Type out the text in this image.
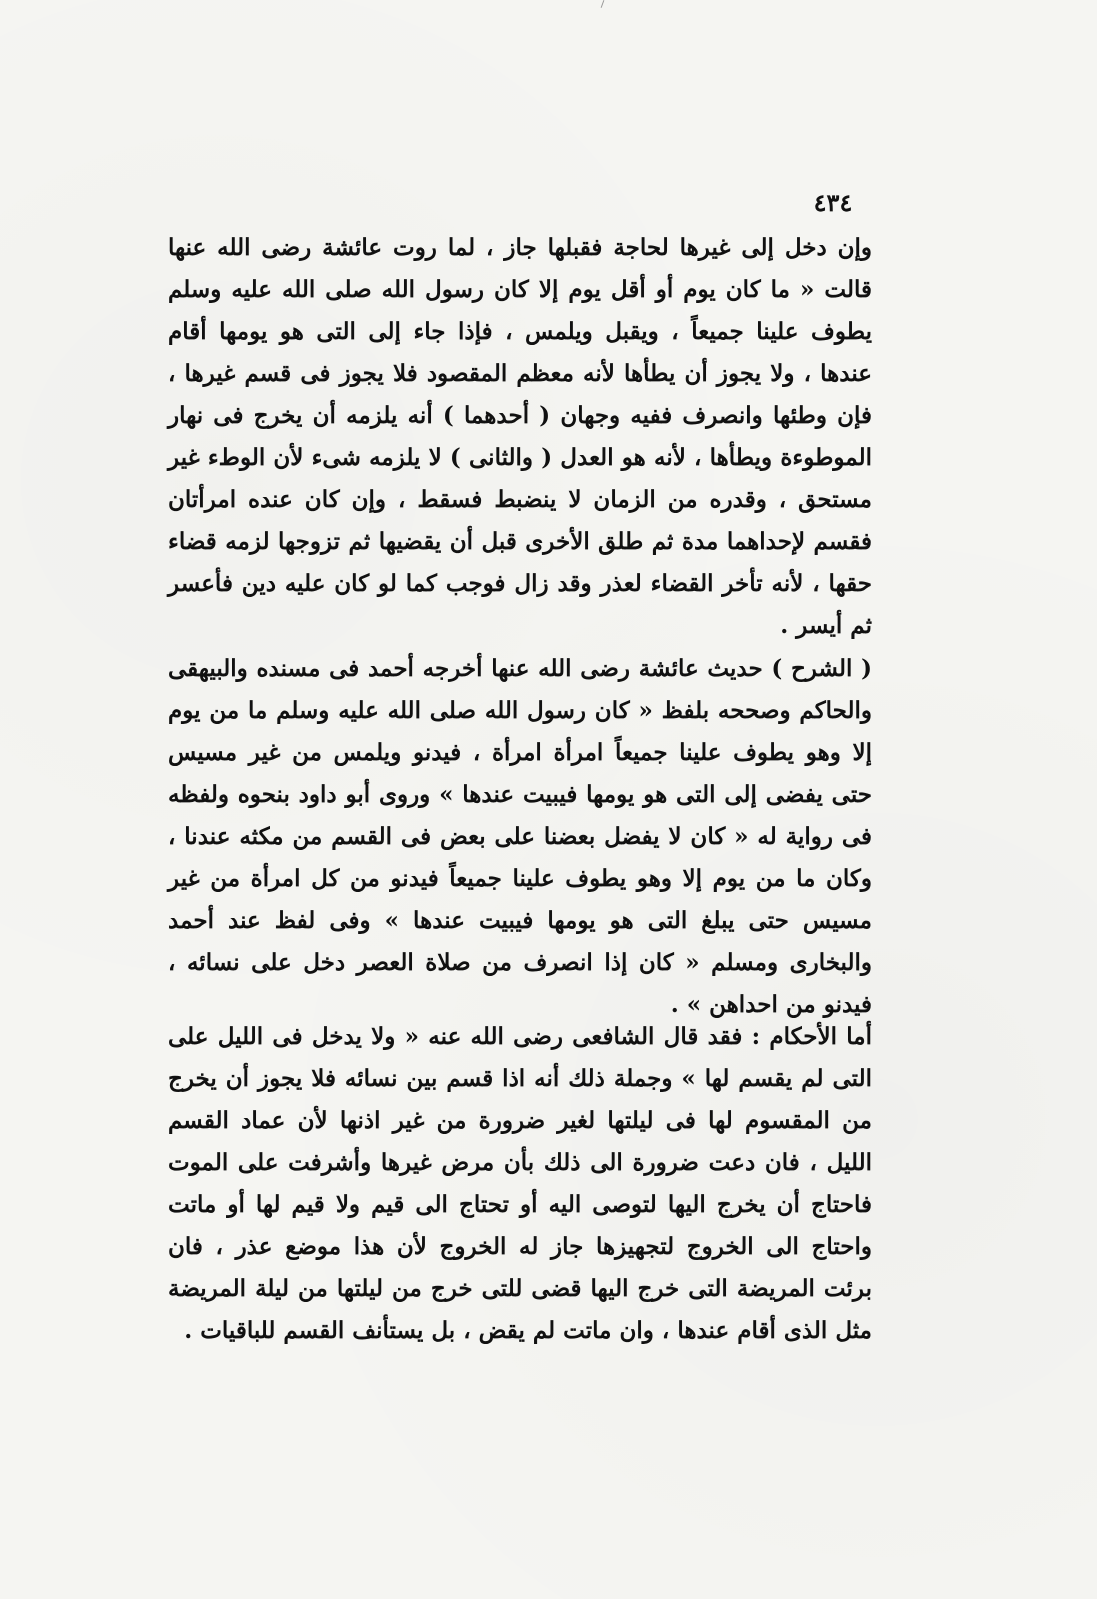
٤٣٤

وإن دخل إلى غيرها لحاجة فقبلها جاز ، لما روت عائشة رضى الله عنها قالت « ما كان يوم أو أقل يوم إلا كان رسول الله صلى الله عليه وسلم يطوف علينا جميعاً ، ويقبل ويلمس ، فإذا جاء إلى التى هو يومها أقام عندها ، ولا يجوز أن يطأها لأنه معظم المقصود فلا يجوز فى قسم غيرها ، فإن وطئها وانصرف ففيه وجهان ( أحدهما ) أنه يلزمه أن يخرج فى نهار الموطوءة ويطأها ، لأنه هو العدل ( والثانى ) لا يلزمه شىء لأن الوطء غير مستحق ، وقدره من الزمان لا ينضبط فسقط ، وإن كان عنده امرأتان فقسم لإحداهما مدة ثم طلق الأخرى قبل أن يقضيها ثم تزوجها لزمه قضاء حقها ، لأنه تأخر القضاء لعذر وقد زال فوجب كما لو كان عليه دين فأعسر ثم أيسر .

( الشرح ) حديث عائشة رضى الله عنها أخرجه أحمد فى مسنده والبيهقى والحاكم وصححه بلفظ « كان رسول الله صلى الله عليه وسلم ما من يوم إلا وهو يطوف علينا جميعاً امرأة امرأة ، فيدنو ويلمس من غير مسيس حتى يفضى إلى التى هو يومها فيبيت عندها » وروى أبو داود بنحوه ولفظه فى رواية له « كان لا يفضل بعضنا على بعض فى القسم من مكثه عندنا ، وكان ما من يوم إلا وهو يطوف علينا جميعاً فيدنو من كل امرأة من غير مسيس حتى يبلغ التى هو يومها فيبيت عندها » وفى لفظ عند أحمد والبخارى ومسلم « كان إذا انصرف من صلاة العصر دخل على نسائه ، فيدنو من احداهن » .

أما الأحكام : فقد قال الشافعى رضى الله عنه « ولا يدخل فى الليل على التى لم يقسم لها » وجملة ذلك أنه اذا قسم بين نسائه فلا يجوز أن يخرج من المقسوم لها فى ليلتها لغير ضرورة من غير اذنها لأن عماد القسم الليل ، فان دعت ضرورة الى ذلك بأن مرض غيرها وأشرفت على الموت فاحتاج أن يخرج اليها لتوصى اليه أو تحتاج الى قيم ولا قيم لها أو ماتت واحتاج الى الخروج لتجهيزها جاز له الخروج لأن هذا موضع عذر ، فان برئت المريضة التى خرج اليها قضى للتى خرج من ليلتها من ليلة المريضة مثل الذى أقام عندها ، وان ماتت لم يقض ، بل يستأنف القسم للباقيات .
